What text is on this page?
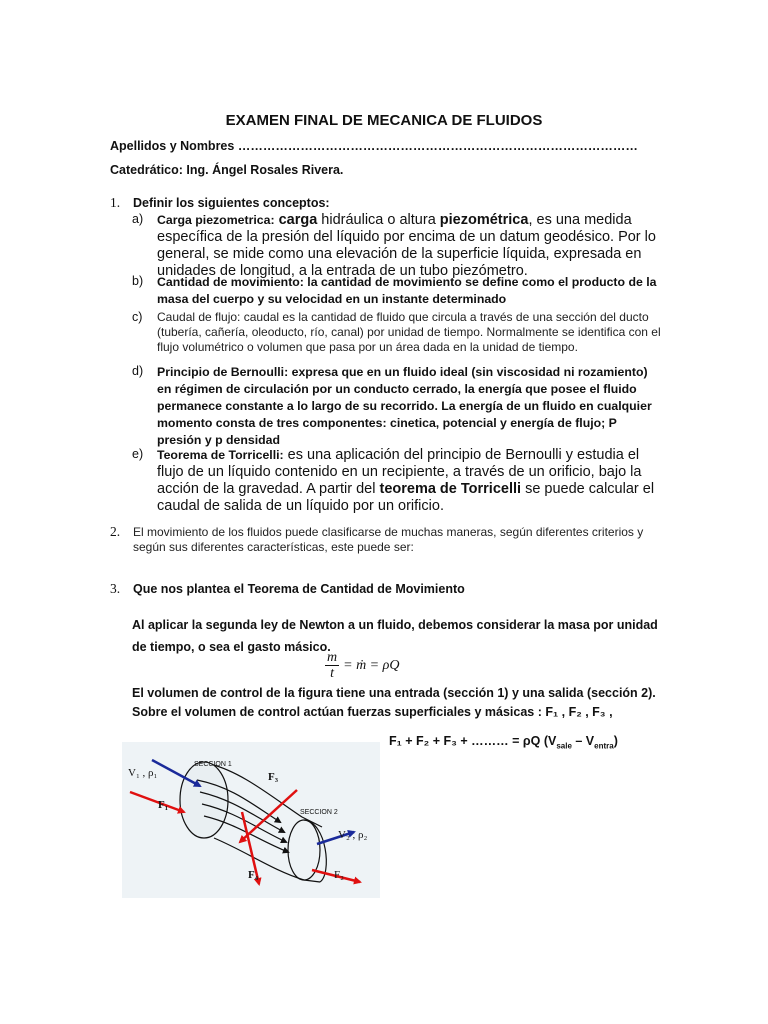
EXAMEN FINAL DE MECANICA DE FLUIDOS
Apellidos y Nombres ……………………………………………………………………………………
Catedrático: Ing. Ángel Rosales Rivera.
1. Definir los siguientes conceptos:
a) Carga piezometrica: carga hidráulica o altura piezométrica, es una medida específica de la presión del líquido por encima de un datum geodésico. Por lo general, se mide como una elevación de la superficie líquida, expresada en unidades de longitud, a la entrada de un tubo piezómetro.
b) Cantidad de movimiento: la cantidad de movimiento se define como el producto de la masa del cuerpo y su velocidad en un instante determinado
c) Caudal de flujo: caudal es la cantidad de fluido que circula a través de una sección del ducto (tubería, cañería, oleoducto, río, canal) por unidad de tiempo. Normalmente se identifica con el flujo volumétrico o volumen que pasa por un área dada en la unidad de tiempo.
d) Principio de Bernoulli: expresa que en un fluido ideal (sin viscosidad ni rozamiento) en régimen de circulación por un conducto cerrado, la energía que posee el fluido permanece constante a lo largo de su recorrido. La energía de un fluido en cualquier momento consta de tres componentes: cinetica, potencial y energía de flujo; P presión y p densidad
e) Teorema de Torricelli: es una aplicación del principio de Bernoulli y estudia el flujo de un líquido contenido en un recipiente, a través de un orificio, bajo la acción de la gravedad. A partir del teorema de Torricelli se puede calcular el caudal de salida de un líquido por un orificio.
2. El movimiento de los fluidos puede clasificarse de muchas maneras, según diferentes criterios y según sus diferentes características, este puede ser:
3. Que nos plantea el Teorema de Cantidad de Movimiento
Al aplicar la segunda ley de Newton a un fluido, debemos considerar la masa por unidad de tiempo, o sea el gasto másico.
$\frac{m}{t}$ = ṁ = ρQ
El volumen de control de la figura tiene una entrada (sección 1) y una salida (sección 2). Sobre el volumen de control actúan fuerzas superficiales y másicas : F₁ , F₂ , F₃ ,
F₁ + F₂ + F₃ + ……… = ρQ $(V_{sale} - V_{entra})$
V₁ , ρ₁
SECCION 1
F₁
F₃
SECCION 2
V₂ , ρ₂
F₂
F₄
